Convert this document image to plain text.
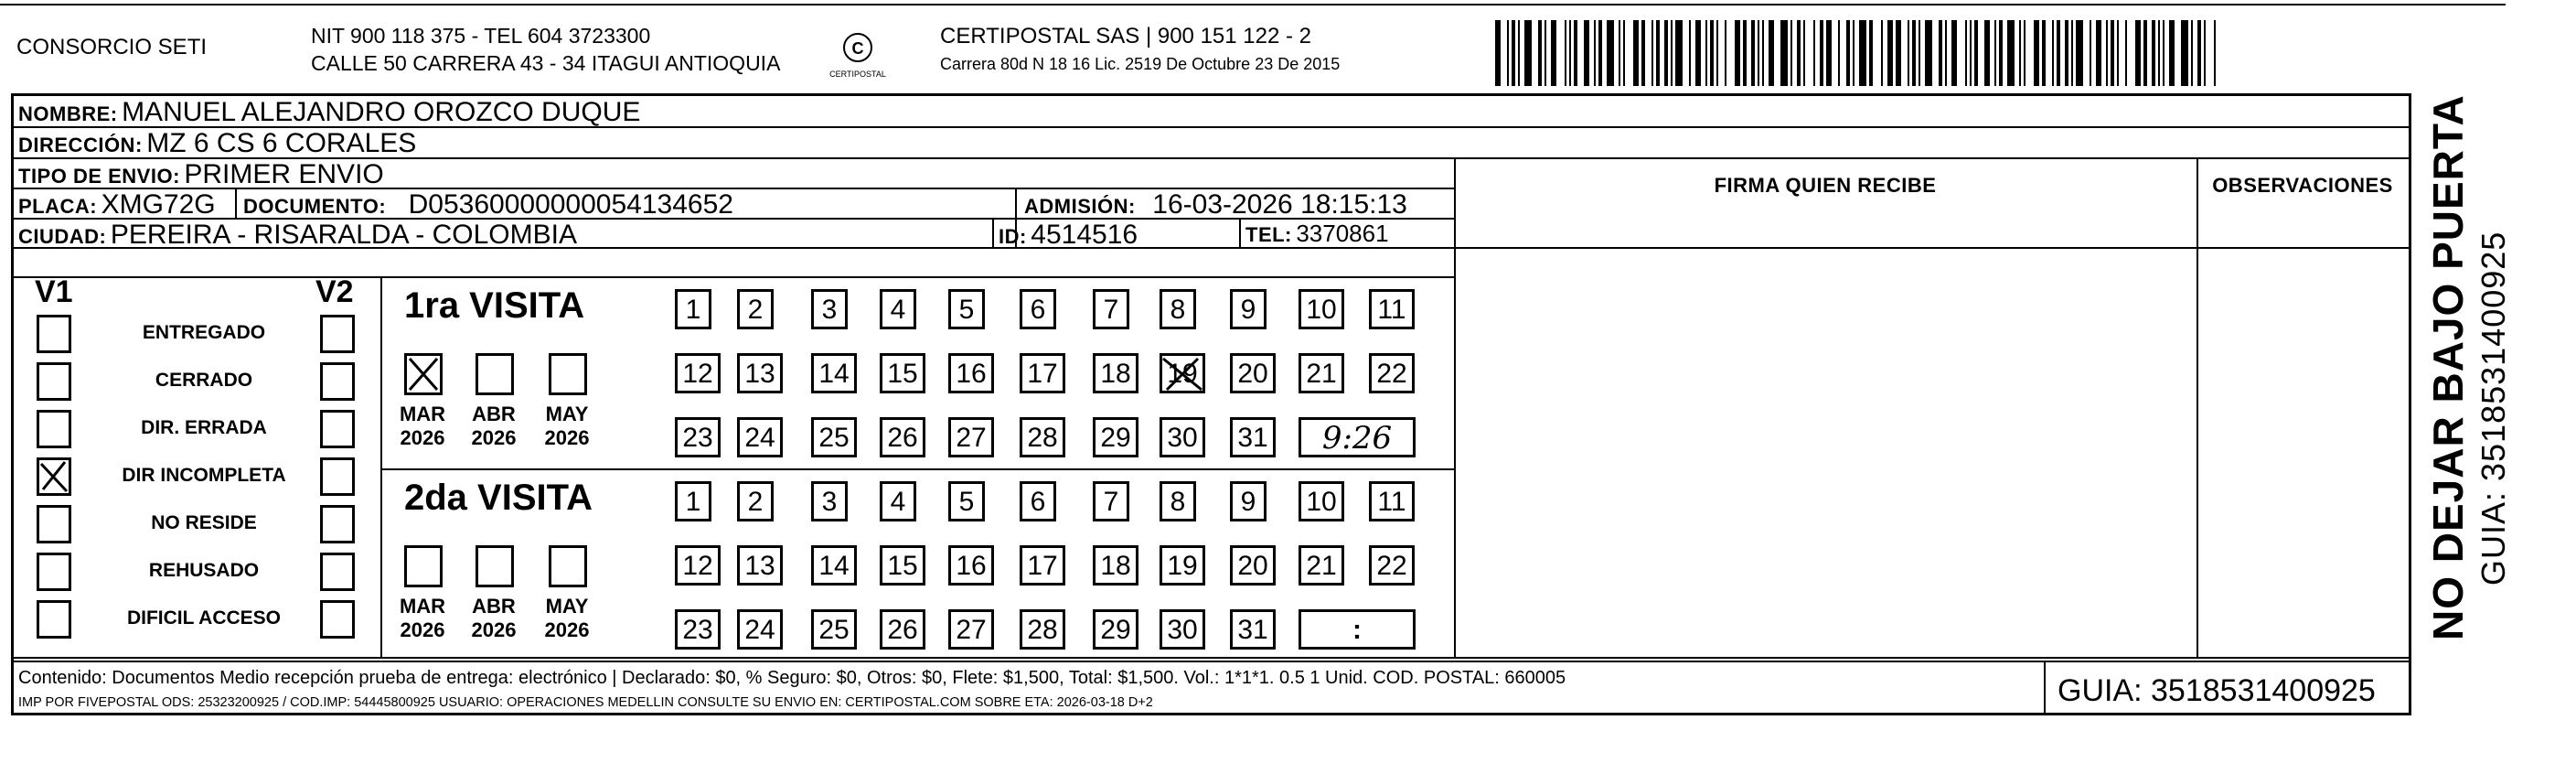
CONSORCIO SETI	NIT 900 118 375 - TEL 604 3723300
CALLE 50 CARRERA 43 - 34 ITAGUI ANTIOQUIA
C
CERTIPOSTAL
CERTIPOSTAL SAS | 900 151 122 - 2
Carrera 80d N 18 16 Lic. 2519 De Octubre 23 De 2015
NOMBRE: MANUEL ALEJANDRO OROZCO DUQUE
DIRECCIÓN: MZ 6 CS 6 CORALES
TIPO DE ENVIO: PRIMER ENVIO
PLACA: XMG72G DOCUMENTO: D05360000000054134652	ADMISIÓN: 16-03-2026 18:15:13
CIUDAD: PEREIRA - RISARALDA - COLOMBIA	ID: 4514516	TEL: 3370861
FIRMA QUIEN RECIBE	OBSERVACIONES
V1	V2
ENTREGADO
CERRADO
DIR. ERRADA
DIR INCOMPLETA
NO RESIDE
REHUSADO
DIFICIL ACCESO
1ra VISITA
2da VISITA
MAR
2026
ABR
2026
MAY
2026
1	2	3	4	5	6	7	8	9	10	11
12 13 14 15 16 17 18 19 20 21 22
23 24 25 26 27 28 29 30 31	9:26
MAR
2026
ABR
2026
MAY
2026
1	2	3	4	5	6	7	8	9	10	11
12 13 14 15 16 17 18 19 20 21 22
23 24 25 26 27 28 29 30 31	:
Contenido: Documentos Medio recepción prueba de entrega: electrónico | Declarado: $0, % Seguro: $0, Otros: $0, Flete: $1,500, Total: $1,500. Vol.: 1*1*1. 0.5 1 Unid. COD. POSTAL: 660005
IMP POR FIVEPOSTAL ODS: 25323200925 / COD.IMP: 54445800925 USUARIO: OPERACIONES MEDELLIN CONSULTE SU ENVIO EN: CERTIPOSTAL.COM SOBRE ETA: 2026-03-18 D+2	GUIA: 3518531400925
NO DEJAR BAJO PUERTA GUIA: 3518531400925
